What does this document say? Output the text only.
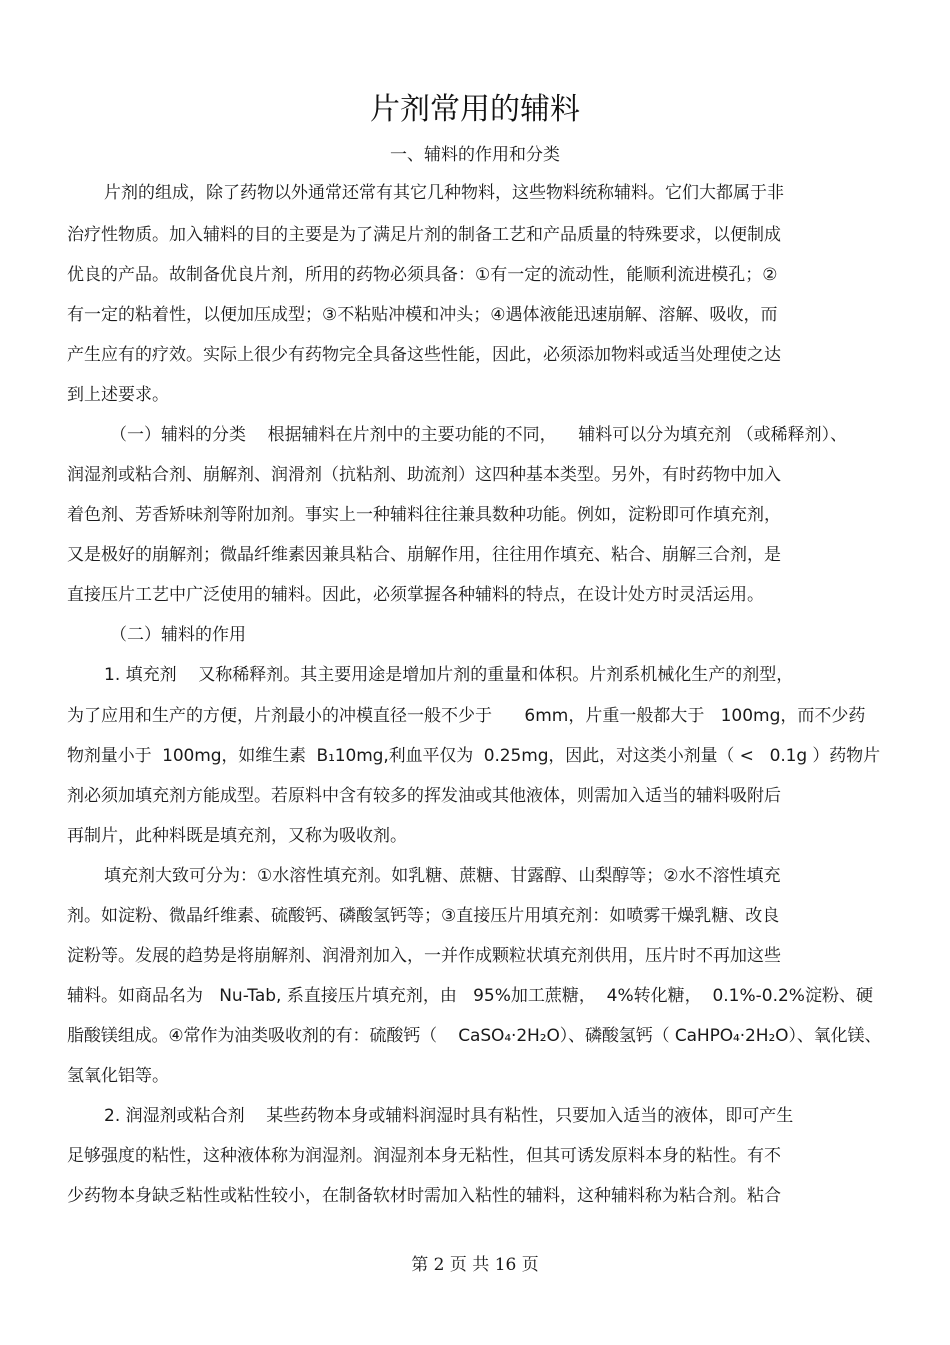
片剂常用的辅料
一、辅料的作用和分类
片剂的组成，除了药物以外通常还常有其它几种物料，这些物料统称辅料。它们大都属于非
治疗性物质。加入辅料的目的主要是为了满足片剂的制备工艺和产品质量的特殊要求，以便制成
优良的产品。故制备优良片剂，所用的药物必须具备：①有一定的流动性，能顺利流进模孔；②
有一定的粘着性，以便加压成型；③不粘贴冲模和冲头；④遇体液能迅速崩解、溶解、吸收，而
产生应有的疗效。实际上很少有药物完全具备这些性能，因此，必须添加物料或适当处理使之达
到上述要求。
（一）辅料的分类    根据辅料在片剂中的主要功能的不同，    辅料可以分为填充剂 （或稀释剂）、
润湿剂或粘合剂、崩解剂、润滑剂（抗粘剂、助流剂）这四种基本类型。另外，有时药物中加入
着色剂、芳香矫味剂等附加剂。事实上一种辅料往往兼具数种功能。例如，淀粉即可作填充剂，
又是极好的崩解剂；微晶纤维素因兼具粘合、崩解作用，往往用作填充、粘合、崩解三合剂，是
直接压片工艺中广泛使用的辅料。因此，必须掌握各种辅料的特点，在设计处方时灵活运用。
（二）辅料的作用
1. 填充剂    又称稀释剂。其主要用途是增加片剂的重量和体积。片剂系机械化生产的剂型，
为了应用和生产的方便，片剂最小的冲模直径一般不少于      6mm，片重一般都大于   100mg，而不少药
物剂量小于  100mg，如维生素  B₁10mg,利血平仅为  0.25mg，因此，对这类小剂量（ <   0.1g ）药物片
剂必须加填充剂方能成型。若原料中含有较多的挥发油或其他液体，则需加入适当的辅料吸附后
再制片，此种料既是填充剂，又称为吸收剂。
填充剂大致可分为：①水溶性填充剂。如乳糖、蔗糖、甘露醇、山梨醇等；②水不溶性填充
剂。如淀粉、微晶纤维素、硫酸钙、磷酸氢钙等；③直接压片用填充剂：如喷雾干燥乳糖、改良
淀粉等。发展的趋势是将崩解剂、润滑剂加入，一并作成颗粒状填充剂供用，压片时不再加这些
辅料。如商品名为   Nu-Tab, 系直接压片填充剂，由   95%加工蔗糖，  4%转化糖，  0.1%-0.2%淀粉、硬
脂酸镁组成。④常作为油类吸收剂的有：硫酸钙（    CaSO₄·2H₂O）、磷酸氢钙（ CaHPO₄·2H₂O）、氧化镁、
氢氧化铝等。
2. 润湿剂或粘合剂    某些药物本身或辅料润湿时具有粘性，只要加入适当的液体，即可产生
足够强度的粘性，这种液体称为润湿剂。润湿剂本身无粘性，但其可诱发原料本身的粘性。有不
少药物本身缺乏粘性或粘性较小，在制备软材时需加入粘性的辅料，这种辅料称为粘合剂。粘合
第 2 页 共 16 页
